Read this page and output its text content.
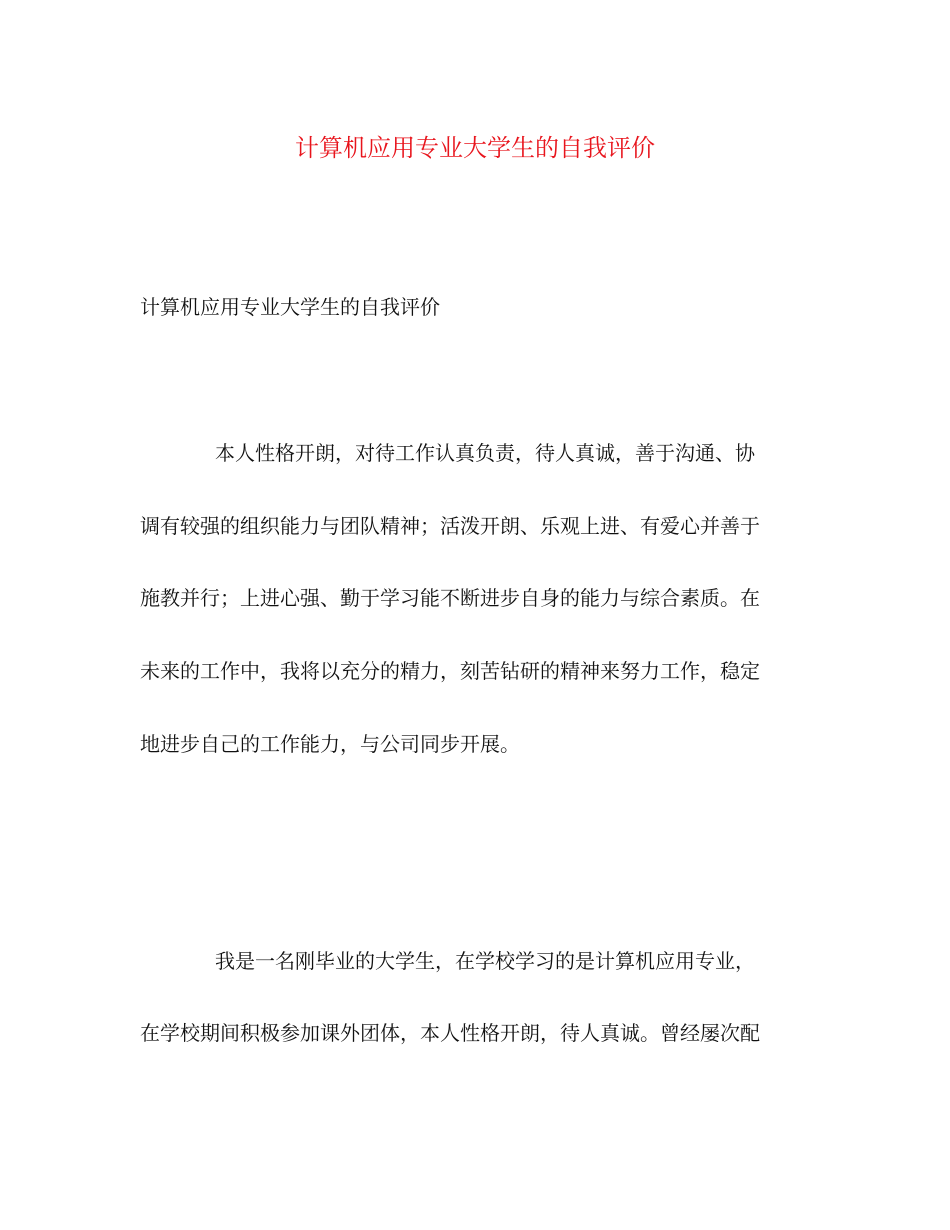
计算机应用专业大学生的自我评价

计算机应用专业大学生的自我评价

本人性格开朗，对待工作认真负责，待人真诚，善于沟通、协

调有较强的组织能力与团队精神；活泼开朗、乐观上进、有爱心并善于

施教并行；上进心强、勤于学习能不断进步自身的能力与综合素质。在

未来的工作中，我将以充分的精力，刻苦钻研的精神来努力工作，稳定

地进步自己的工作能力，与公司同步开展。

我是一名刚毕业的大学生，在学校学习的是计算机应用专业，

在学校期间积极参加课外团体，本人性格开朗，待人真诚。曾经屡次配
